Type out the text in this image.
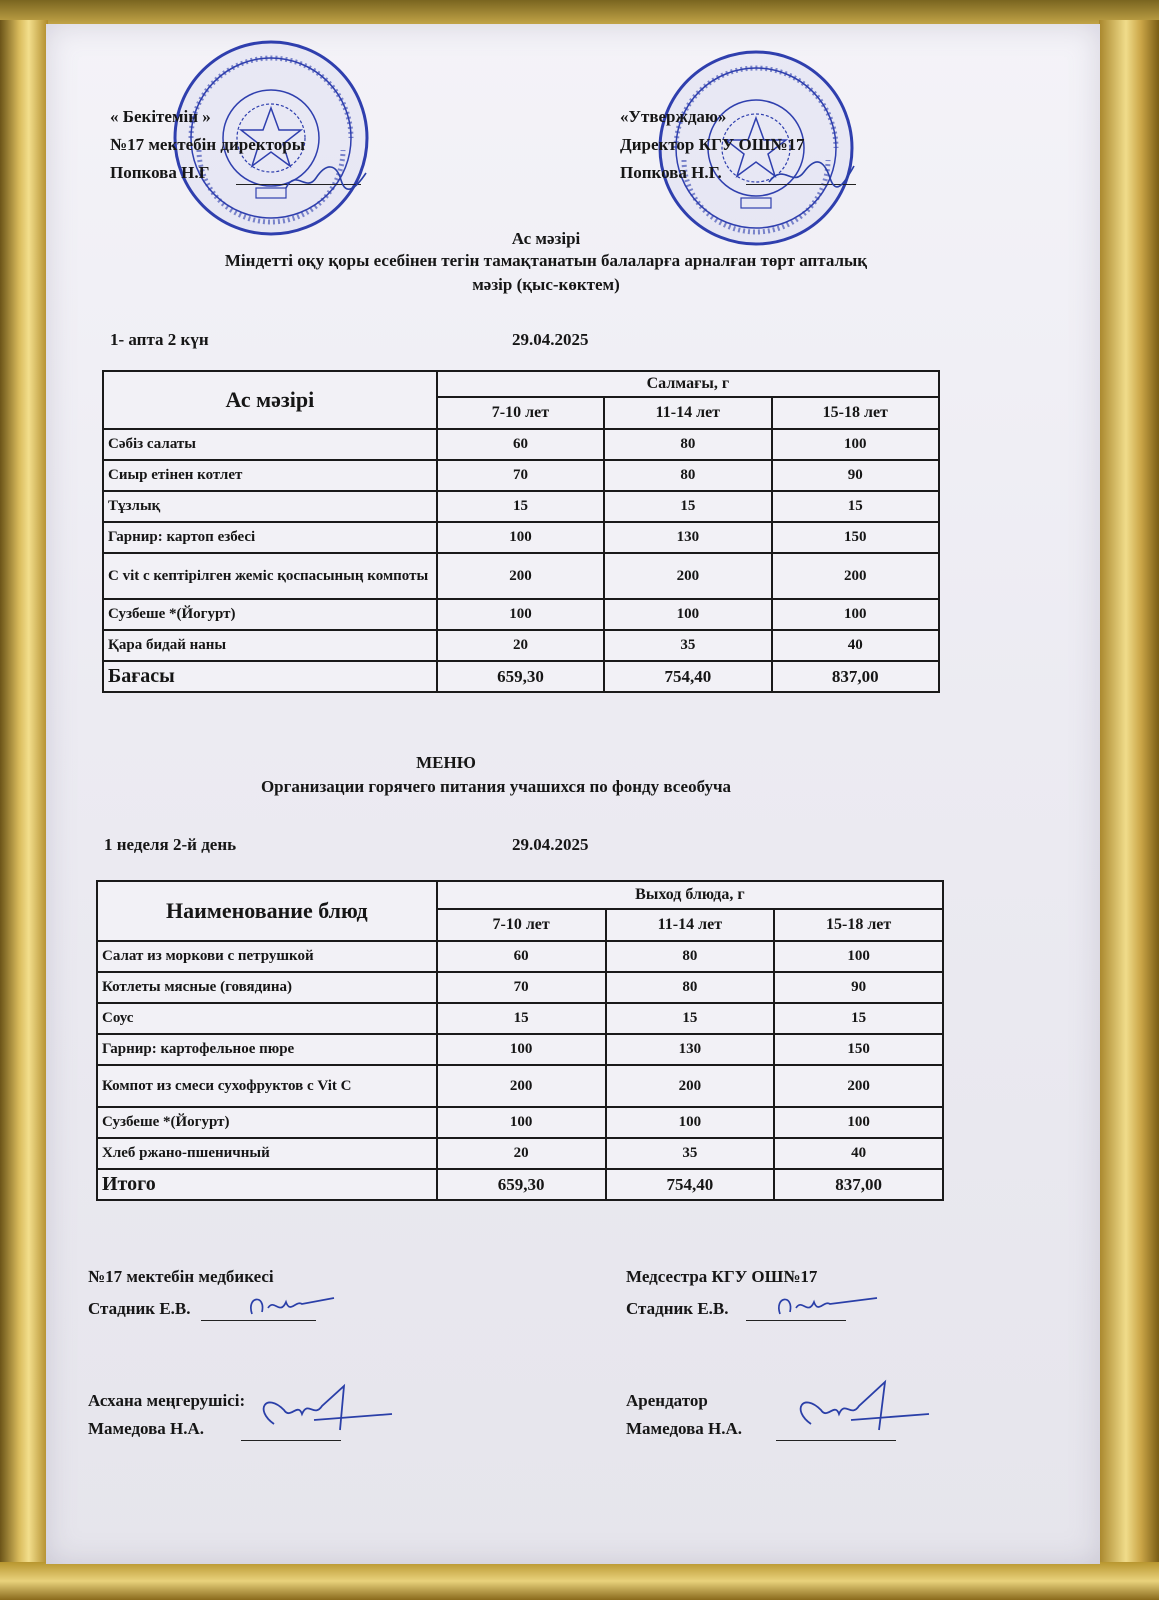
« Бекітемін »
№17 мектебін директоры
Попкова Н.Г
«Утверждаю»
Директор КГУ ОШ№17
Попкова Н.Г.
Ас мәзірі
Міндетті оқу қоры есебінен тегін тамақтанатын балаларға арналған төрт апталық
мәзір (қыс-көктем)
1- апта 2 күн	29.04.2025
Ас мәзірі	Салмағы, г		
	7-10 лет	11-14 лет	15-18 лет
Сәбіз салаты	60	80	100
Сиыр етінен котлет	70	80	90
Тұзлық	15	15	15
Гарнир: картоп езбесі	100	130	150
С vit с кептірілген жеміс қоспасының компоты	200	200	200
Сузбеше *(Йогурт)	100	100	100
Қара бидай наны	20	35	40
Бағасы	659,30	754,40	837,00
МЕНЮ
Организации горячего питания учашихся по фонду всеобуча
1 неделя 2-й день	29.04.2025
Наименование блюд	Выход блюда, г		
	7-10 лет	11-14 лет	15-18 лет
Салат из моркови с петрушкой	60	80	100
Котлеты мясные (говядина)	70	80	90
Соус	15	15	15
Гарнир: картофельное пюре	100	130	150
Компот из смеси сухофруктов с Vit C	200	200	200
Сузбеше *(Йогурт)	100	100	100
Хлеб ржано-пшеничный	20	35	40
Итого	659,30	754,40	837,00
№17 мектебін медбикесі
Стадник Е.В.
Медсестра КГУ ОШ№17
Стадник Е.В.
Асхана меңгерушісі:
Мамедова Н.А.
Арендатор
Мамедова Н.А.
